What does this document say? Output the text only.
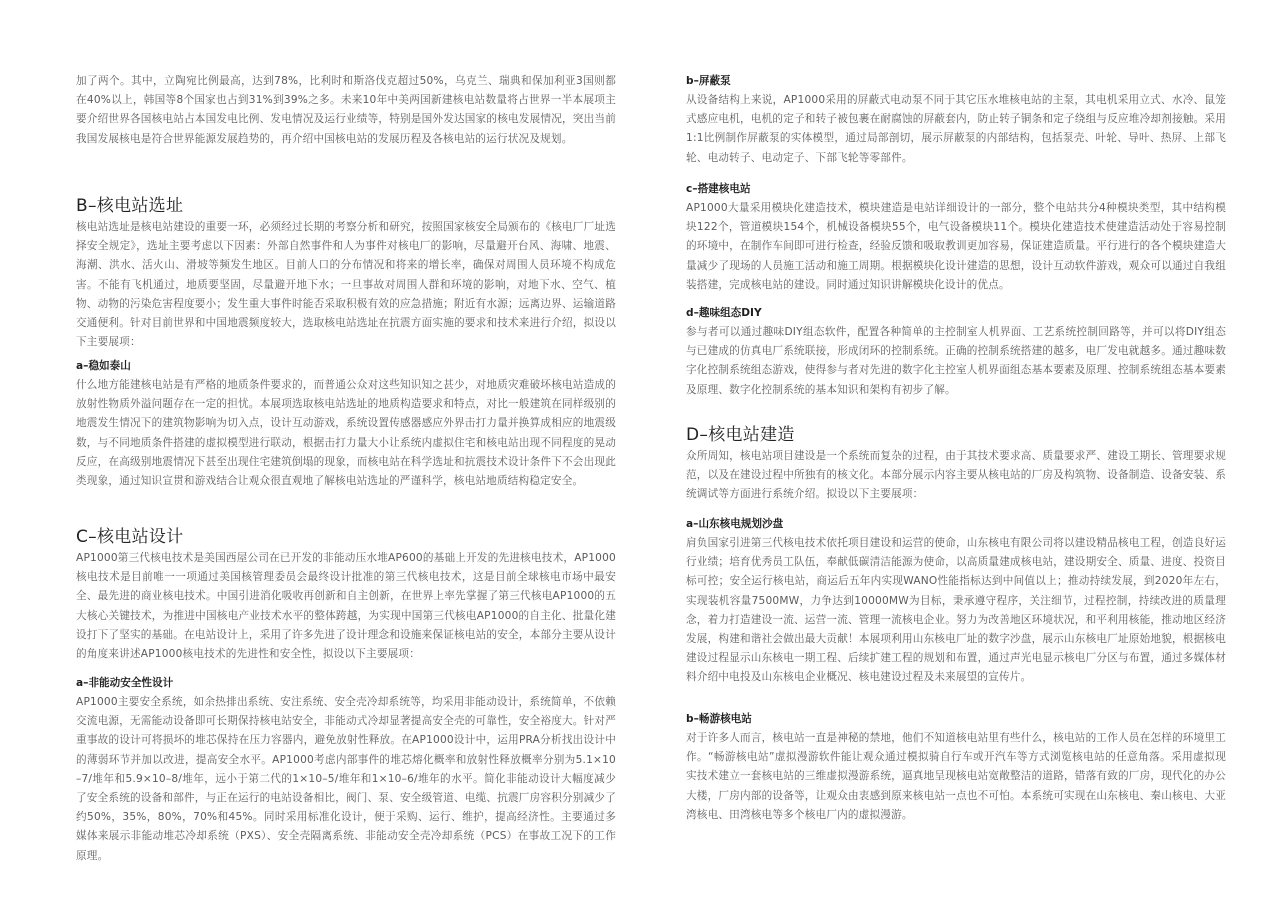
加了两个。其中，立陶宛比例最高，达到78%，比利时和斯洛伐克超过50%，乌克兰、瑞典和保加利亚3国则都在40%以上，韩国等8个国家也占到31%到39%之多。未来10年中美两国新建核电站数量将占世界一半本展项主要介绍世界各国核电站占本国发电比例、发电情况及运行业绩等，特别是国外发达国家的核电发展情况，突出当前我国发展核电是符合世界能源发展趋势的，再介绍中国核电站的发展历程及各核电站的运行状况及规划。

B–核电站选址

核电站选址是核电站建设的重要一环，必须经过长期的考察分析和研究，按照国家核安全局颁布的《核电厂厂址选择安全规定》，选址主要考虑以下因素：外部自然事件和人为事件对核电厂的影响，尽量避开台风、海啸、地震、海潮、洪水、活火山、滑坡等频发生地区。目前人口的分布情况和将来的增长率，确保对周围人员环境不构成危害。不能有飞机通过，地质要坚固，尽量避开地下水；一旦事故对周围人群和环境的影响，对地下水、空气、植物、动物的污染危害程度要小；发生重大事件时能否采取积极有效的应急措施；附近有水源；远离边界、运输道路交通便利。针对目前世界和中国地震频度较大，选取核电站选址在抗震方面实施的要求和技术来进行介绍，拟设以下主要展项：

a–稳如泰山

什么地方能建核电站是有严格的地质条件要求的，而普通公众对这些知识知之甚少，对地质灾难破坏核电站造成的放射性物质外溢问题存在一定的担忧。本展项选取核电站选址的地质构造要求和特点，对比一般建筑在同样级别的地震发生情况下的建筑物影响为切入点，设计互动游戏，系统设置传感器感应外界击打力量并换算成相应的地震级数，与不同地质条件搭建的虚拟模型进行联动，根据击打力量大小让系统内虚拟住宅和核电站出现不同程度的晃动反应，在高级别地震情况下甚至出现住宅建筑倒塌的现象，而核电站在科学选址和抗震技术设计条件下不会出现此类现象，通过知识宣贯和游戏结合让观众很直观地了解核电站选址的严谨科学，核电站地质结构稳定安全。

C–核电站设计

AP1000第三代核电技术是美国西屋公司在已开发的非能动压水堆AP600的基础上开发的先进核电技术，AP1000核电技术是目前唯一一项通过美国核管理委员会最终设计批准的第三代核电技术，这是目前全球核电市场中最安全、最先进的商业核电技术。中国引进消化吸收再创新和自主创新，在世界上率先掌握了第三代核电AP1000的五大核心关键技术，为推进中国核电产业技术水平的整体跨越，为实现中国第三代核电AP1000的自主化、批量化建设打下了坚实的基础。在电站设计上，采用了许多先进了设计理念和设施来保证核电站的安全，本部分主要从设计的角度来讲述AP1000核电技术的先进性和安全性，拟设以下主要展项：

a–非能动安全性设计

AP1000主要安全系统，如余热排出系统、安注系统、安全壳冷却系统等，均采用非能动设计，系统简单，不依赖交流电源，无需能动设备即可长期保持核电站安全，非能动式冷却显著提高安全壳的可靠性，安全裕度大。针对严重事故的设计可将损坏的堆芯保持在压力容器内，避免放射性释放。在AP1000设计中，运用PRA分析找出设计中的薄弱环节并加以改进，提高安全水平。AP1000考虑内部事件的堆芯熔化概率和放射性释放概率分别为5.1×10–7/堆年和5.9×10–8/堆年，远小于第二代的1×10–5/堆年和1×10–6/堆年的水平。简化非能动设计大幅度减少了安全系统的设备和部件，与正在运行的电站设备相比，阀门、泵、安全级管道、电缆、抗震厂房容积分别减少了约50%，35%，80%，70%和45%。同时采用标准化设计，便于采购、运行、维护，提高经济性。主要通过多媒体来展示非能动堆芯冷却系统（PXS）、安全壳隔离系统、非能动安全壳冷却系统（PCS）在事故工况下的工作原理。

b–屏蔽泵

从设备结构上来说，AP1000采用的屏蔽式电动泵不同于其它压水堆核电站的主泵，其电机采用立式、水冷、鼠笼式感应电机，电机的定子和转子被包裹在耐腐蚀的屏蔽套内，防止转子铜条和定子绕组与反应堆冷却剂接触。采用1:1比例制作屏蔽泵的实体模型，通过局部剖切，展示屏蔽泵的内部结构，包括泵壳、叶轮、导叶、热屏、上部飞轮、电动转子、电动定子、下部飞轮等零部件。

c–搭建核电站

AP1000大量采用模块化建造技术，模块建造是电站详细设计的一部分，整个电站共分4种模块类型，其中结构模块122个，管道模块154个，机械设备模块55个，电气设备模块11个。模块化建造技术使建造活动处于容易控制的环境中，在制作车间即可进行检查，经验反馈和吸取教训更加容易，保证建造质量。平行进行的各个模块建造大量减少了现场的人员施工活动和施工周期。根据模块化设计建造的思想，设计互动软件游戏，观众可以通过自我组装搭建，完成核电站的建设。同时通过知识讲解模块化设计的优点。

d–趣味组态DIY

参与者可以通过趣味DIY组态软件，配置各种简单的主控制室人机界面、工艺系统控制回路等，并可以将DIY组态与已建成的仿真电厂系统联接，形成闭环的控制系统。正确的控制系统搭建的越多，电厂发电就越多。通过趣味数字化控制系统组态游戏，使得参与者对先进的数字化主控室人机界面组态基本要素及原理、控制系统组态基本要素及原理、数字化控制系统的基本知识和架构有初步了解。

D–核电站建造

众所周知，核电站项目建设是一个系统而复杂的过程，由于其技术要求高、质量要求严、建设工期长、管理要求规范，以及在建设过程中所独有的核文化。本部分展示内容主要从核电站的厂房及构筑物、设备制造、设备安装、系统调试等方面进行系统介绍。拟设以下主要展项：

a–山东核电规划沙盘

肩负国家引进第三代核电技术依托项目建设和运营的使命，山东核电有限公司将以建设精品核电工程，创造良好运行业绩；培育优秀员工队伍，奉献低碳清洁能源为使命，以高质量建成核电站，建设期安全、质量、进度、投资目标可控；安全运行核电站，商运后五年内实现WANO性能指标达到中间值以上；推动持续发展，到2020年左右，实现装机容量7500MW，力争达到10000MW为目标，秉承遵守程序，关注细节，过程控制，持续改进的质量理念，着力打造建设一流、运营一流、管理一流核电企业。努力为改善地区环境状况，和平利用核能，推动地区经济发展，构建和谐社会做出最大贡献！本展项利用山东核电厂址的数字沙盘，展示山东核电厂址原始地貌，根据核电建设过程显示山东核电一期工程、后续扩建工程的规划和布置，通过声光电显示核电厂分区与布置，通过多媒体材料介绍中电投及山东核电企业概况、核电建设过程及未来展望的宣传片。

b–畅游核电站

对于许多人而言，核电站一直是神秘的禁地，他们不知道核电站里有些什么，核电站的工作人员在怎样的环境里工作。“畅游核电站”虚拟漫游软件能让观众通过模拟骑自行车或开汽车等方式浏览核电站的任意角落。采用虚拟现实技术建立一套核电站的三维虚拟漫游系统，逼真地呈现核电站宽敞整洁的道路，错落有致的厂房，现代化的办公大楼，厂房内部的设备等，让观众由衷感到原来核电站一点也不可怕。本系统可实现在山东核电、秦山核电、大亚湾核电、田湾核电等多个核电厂内的虚拟漫游。
